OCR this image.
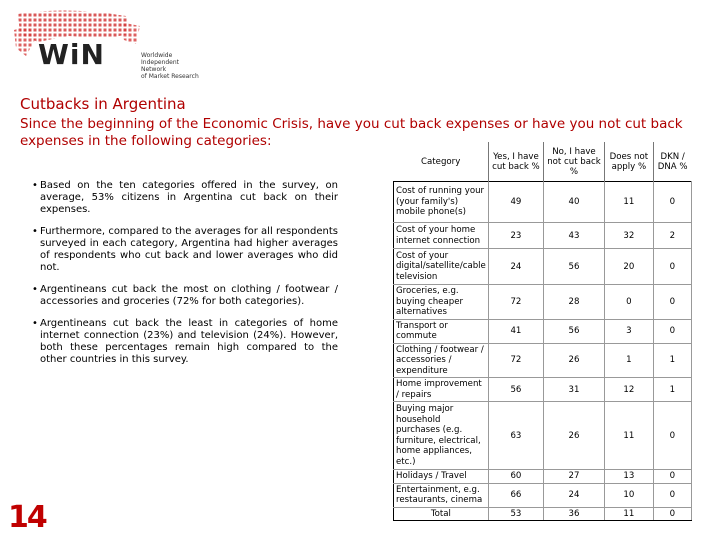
WiN	Worldwide
Independent Network
of Market Research
Cutbacks in Argentina
Since the beginning of the Economic Crisis, have you cut back expenses or have you not cut back expenses in the following categories:
• Based on the ten categories offered in the survey, on average, 53% citizens in Argentina cut back on their expenses.
• Furthermore, compared to the averages for all respondents surveyed in each category, Argentina had higher averages of respondents who cut back and lower averages who did not.
• Argentineans cut back the most on clothing / footwear / accessories and groceries (72% for both categories).
• Argentineans cut back the least in categories of home internet connection (23%) and television (24%). However, both these percentages remain high compared to the other countries in this survey.
Category	Yes, I have cut back %	No, I have not cut back %	Does not apply %	DKN / DNA %
Cost of running your (your family's) mobile phone(s)	49	40	11	0
Cost of your home internet connection	23	43	32	2
Cost of your digital/satellite/cable television	24	56	20	0
Groceries, e.g. buying cheaper alternatives	72	28	0	0
Transport or commute	41	56	3	0
Clothing / footwear / accessories / expenditure	72	26	1	1
Home improvement / repairs	56	31	12	1
Buying major household purchases (e.g. furniture, electrical, home appliances, etc.)	63	26	11	0
Holidays / Travel	60	27	13	0
Entertainment, e.g. restaurants, cinema	66	24	10	0
Total	53	36	11	0
14
